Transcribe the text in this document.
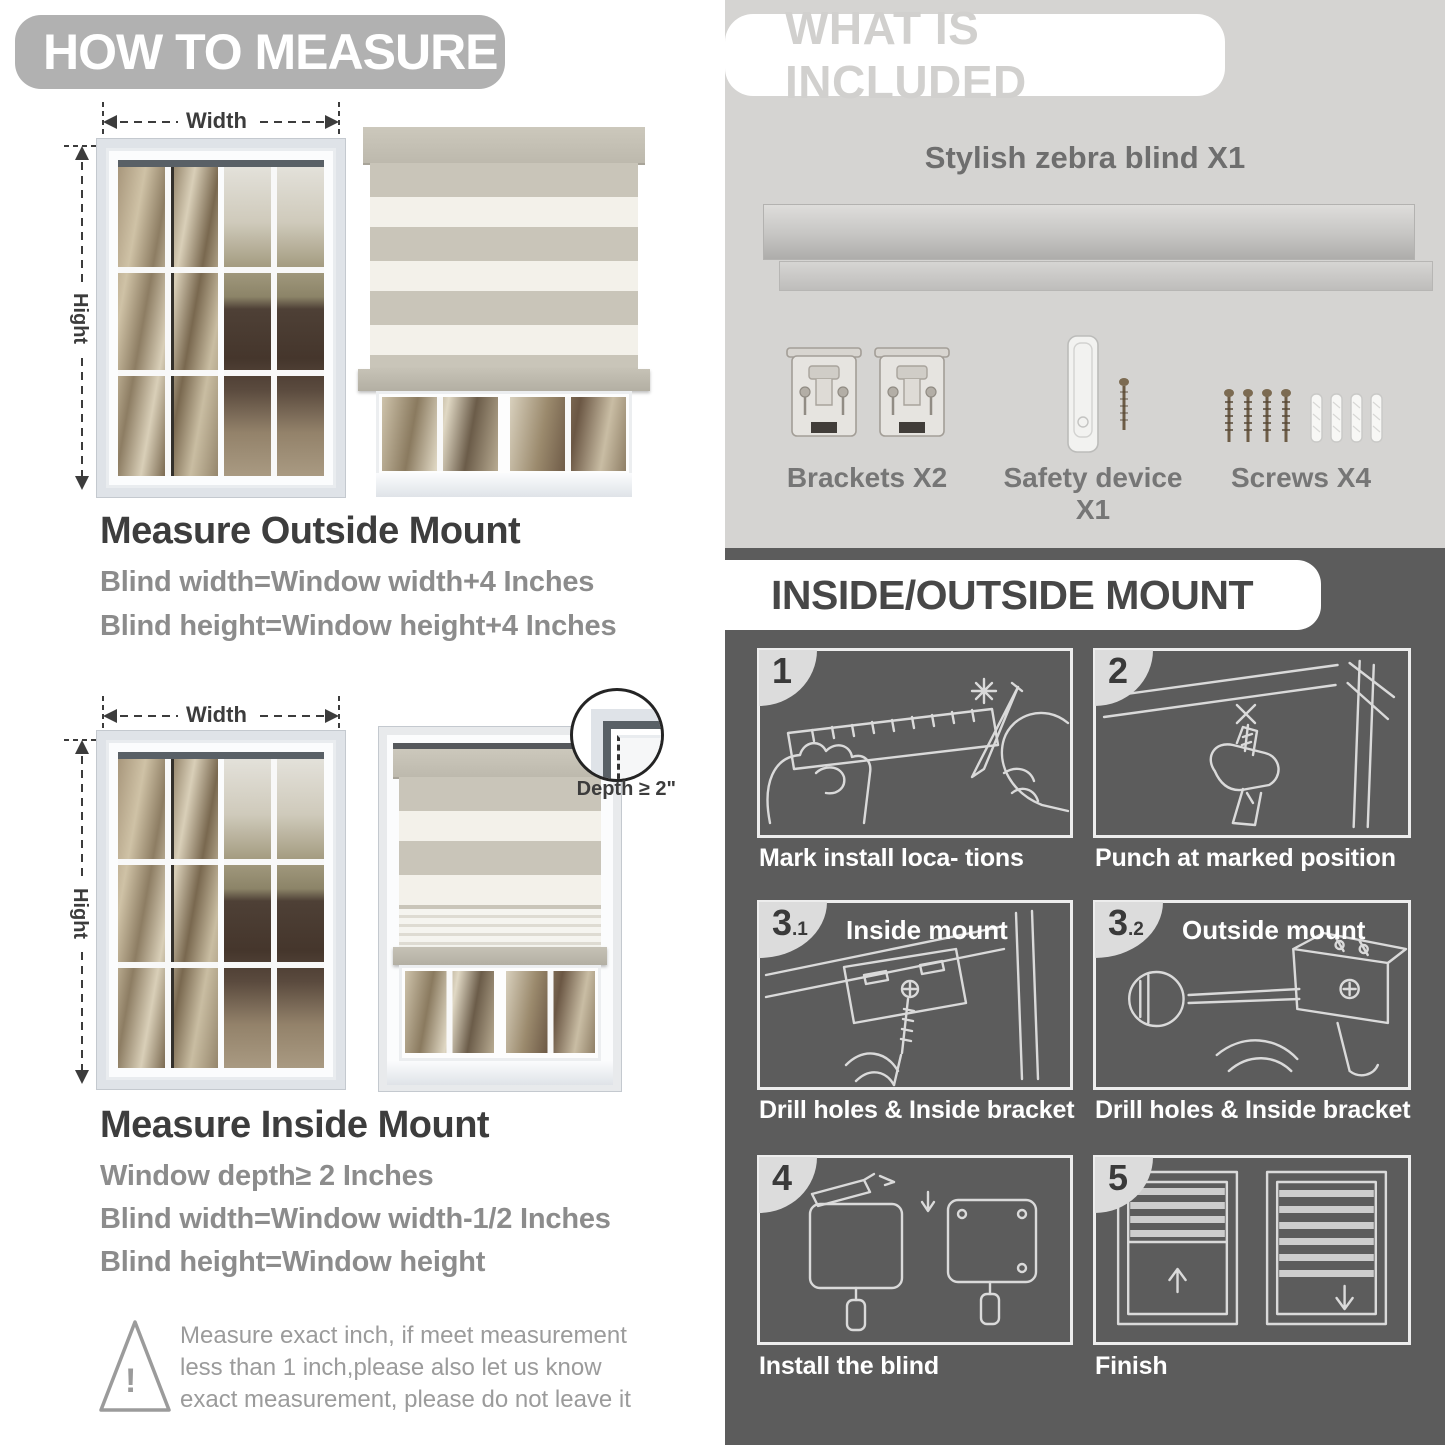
HOW TO MEASURE
Width
Hight
Measure Outside Mount
Blind width=Window width+4 Inches
Blind height=Window height+4 Inches
Width
Hight
Depth ≥ 2"
Measure Inside Mount
Window depth≥ 2 Inches
Blind width=Window width-1/2 Inches
Blind height=Window height
!
Measure exact inch, if meet measurement less than 1 inch,please also let us know exact measurement, please do not leave it
WHAT IS INCLUDED
Stylish zebra blind X1
Brackets X2	Safety device X1
Screws X4
INSIDE/OUTSIDE MOUNT
1
Mark install loca- tions
2
Punch at marked position
3.1	Inside mount
Drill holes & Inside bracket
3.2	Outside mount
Drill holes & Inside bracket
4
Install the blind
5
Finish
